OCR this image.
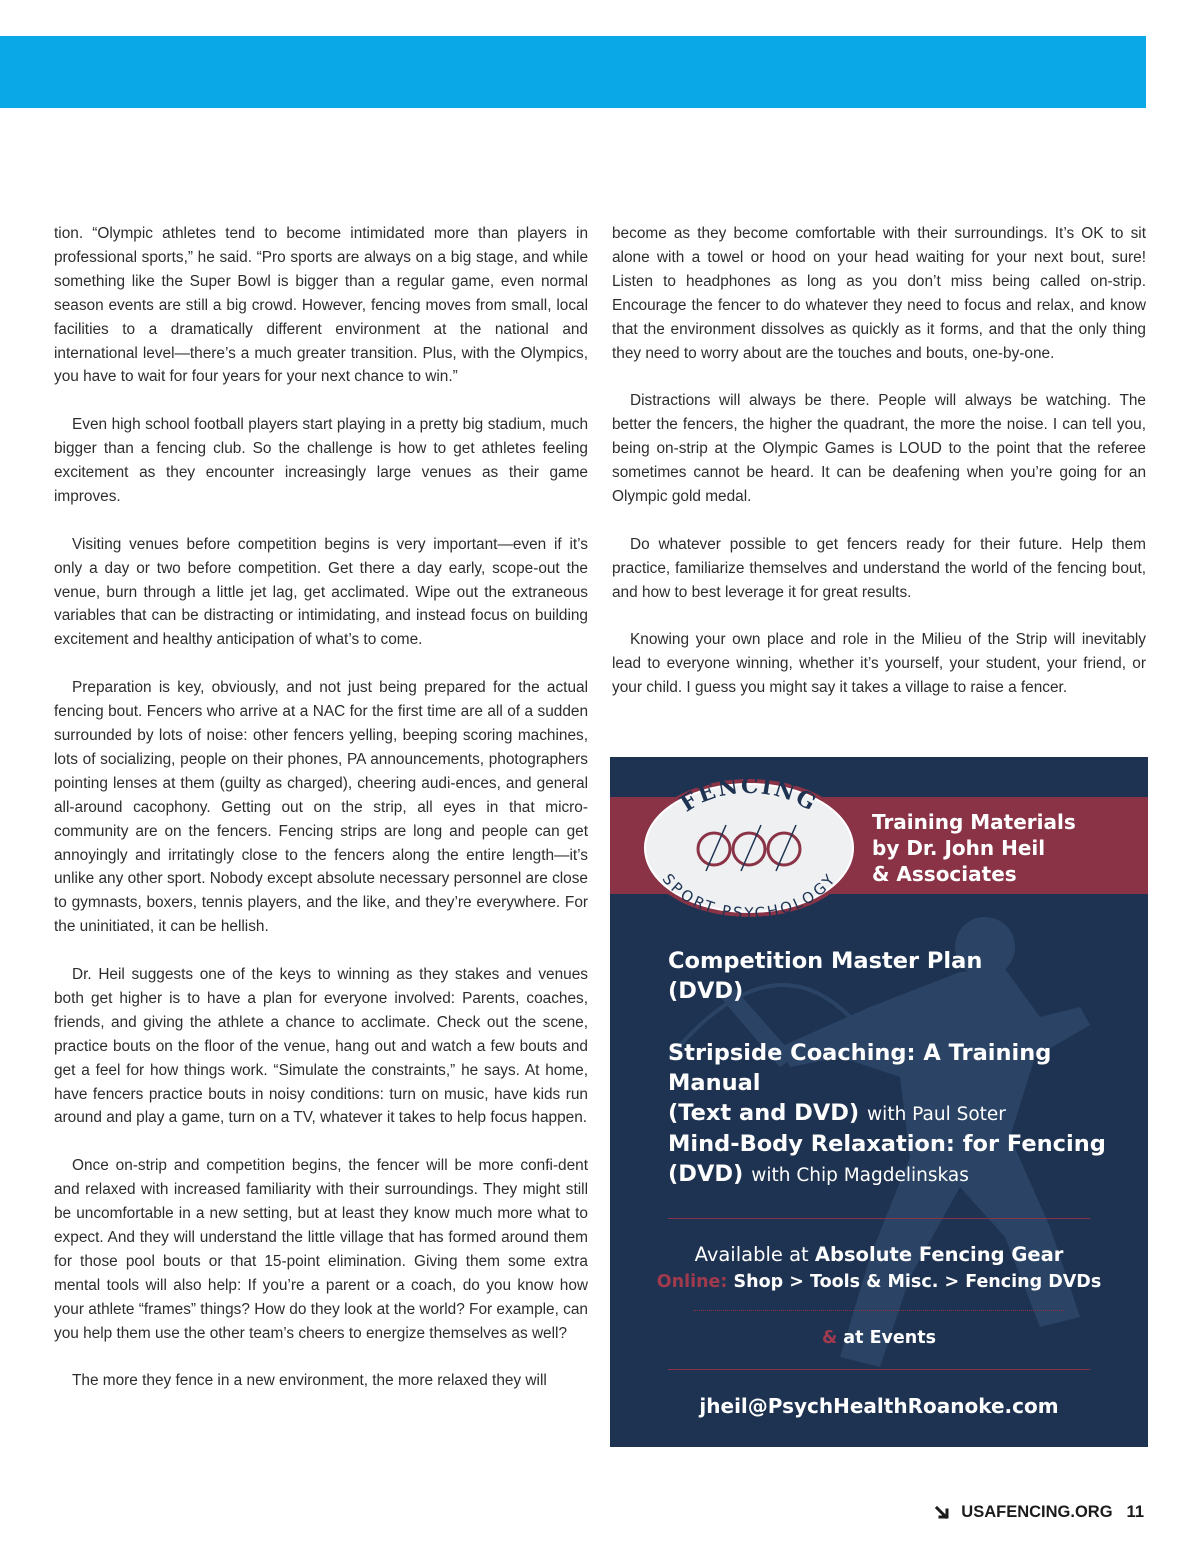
tion. “Olympic athletes tend to become intimidated more than players in professional sports,” he said. “Pro sports are always on a big stage, and while something like the Super Bowl is bigger than a regular game, even normal season events are still a big crowd. However, fencing moves from small, local facilities to a dramatically different environment at the national and international level—there’s a much greater transition. Plus, with the Olympics, you have to wait for four years for your next chance to win.”

Even high school football players start playing in a pretty big stadium, much bigger than a fencing club. So the challenge is how to get athletes feeling excitement as they encounter increasingly large venues as their game improves.

Visiting venues before competition begins is very important—even if it’s only a day or two before competition. Get there a day early, scope-out the venue, burn through a little jet lag, get acclimated. Wipe out the extraneous variables that can be distracting or intimidating, and instead focus on building excitement and healthy anticipation of what’s to come.

Preparation is key, obviously, and not just being prepared for the actual fencing bout. Fencers who arrive at a NAC for the first time are all of a sudden surrounded by lots of noise: other fencers yelling, beeping scoring machines, lots of socializing, people on their phones, PA announcements, photographers pointing lenses at them (guilty as charged), cheering audi-ences, and general all-around cacophony. Getting out on the strip, all eyes in that micro-community are on the fencers. Fencing strips are long and people can get annoyingly and irritatingly close to the fencers along the entire length—it’s unlike any other sport. Nobody except absolute necessary personnel are close to gymnasts, boxers, tennis players, and the like, and they’re everywhere. For the uninitiated, it can be hellish.

Dr. Heil suggests one of the keys to winning as they stakes and venues both get higher is to have a plan for everyone involved: Parents, coaches, friends, and giving the athlete a chance to acclimate. Check out the scene, practice bouts on the floor of the venue, hang out and watch a few bouts and get a feel for how things work. “Simulate the constraints,” he says. At home, have fencers practice bouts in noisy conditions: turn on music, have kids run around and play a game, turn on a TV, whatever it takes to help focus happen.

Once on-strip and competition begins, the fencer will be more confi-dent and relaxed with increased familiarity with their surroundings. They might still be uncomfortable in a new setting, but at least they know much more what to expect. And they will understand the little village that has formed around them for those pool bouts or that 15-point elimination. Giving them some extra mental tools will also help: If you’re a parent or a coach, do you know how your athlete “frames” things? How do they look at the world? For example, can you help them use the other team’s cheers to energize themselves as well?

The more they fence in a new environment, the more relaxed they will

become as they become comfortable with their surroundings. It’s OK to sit alone with a towel or hood on your head waiting for your next bout, sure! Listen to headphones as long as you don’t miss being called on-strip. Encourage the fencer to do whatever they need to focus and relax, and know that the environment dissolves as quickly as it forms, and that the only thing they need to worry about are the touches and bouts, one-by-one.

Distractions will always be there. People will always be watching. The better the fencers, the higher the quadrant, the more the noise. I can tell you, being on-strip at the Olympic Games is LOUD to the point that the referee sometimes cannot be heard. It can be deafening when you’re going for an Olympic gold medal.

Do whatever possible to get fencers ready for their future. Help them practice, familiarize themselves and understand the world of the fencing bout, and how to best leverage it for great results.

Knowing your own place and role in the Milieu of the Strip will inevitably lead to everyone winning, whether it’s yourself, your student, your friend, or your child. I guess you might say it takes a village to raise a fencer.

FENCING
SPORT PSYCHOLOGY
Training Materials
by Dr. John Heil
& Associates
Competition Master Plan
(DVD)
Stripside Coaching: A Training Manual
(Text and DVD) with Paul Soter
Mind-Body Relaxation: for Fencing
(DVD) with Chip Magdelinskas
Available at Absolute Fencing Gear
Online: Shop > Tools & Misc. > Fencing DVDs
& at Events
jheil@PsychHealthRoanoke.com
USAFENCING.ORG 11
